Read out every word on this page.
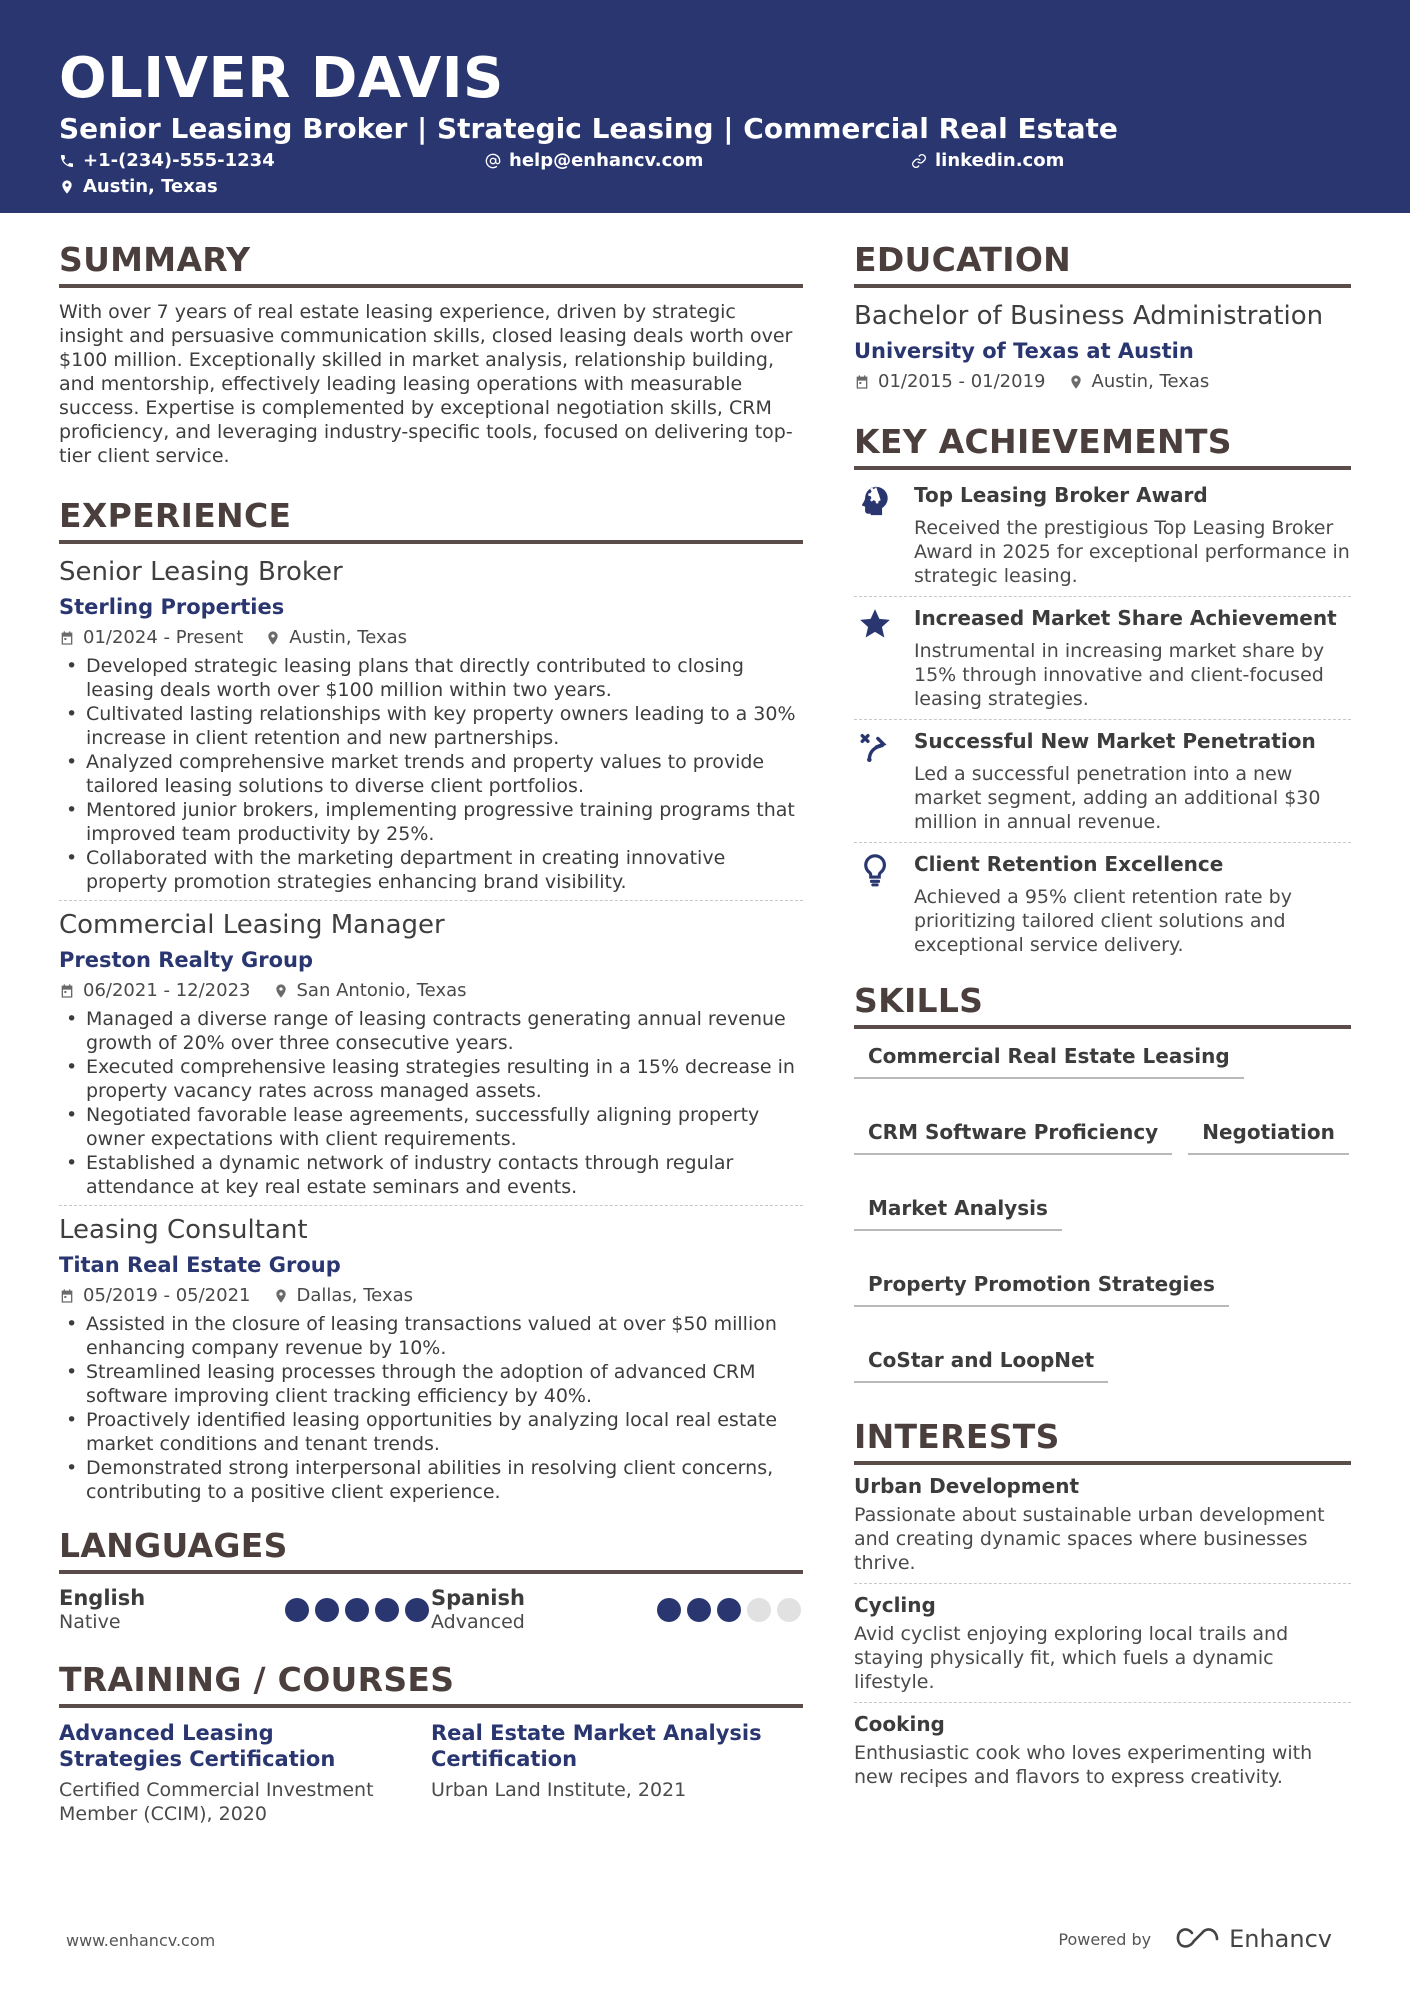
OLIVER DAVIS
Senior Leasing Broker | Strategic Leasing | Commercial Real Estate
+1-(234)-555-1234	help@enhancv.com	linkedin.com
Austin, Texas
SUMMARY
With over 7 years of real estate leasing experience, driven by strategic insight and persuasive communication skills, closed leasing deals worth over $100 million. Exceptionally skilled in market analysis, relationship building, and mentorship, effectively leading leasing operations with measurable success. Expertise is complemented by exceptional negotiation skills, CRM proficiency, and leveraging industry-specific tools, focused on delivering top-tier client service.
EXPERIENCE
Senior Leasing Broker
Sterling Properties
01/2024 - Present	Austin, Texas
• Developed strategic leasing plans that directly contributed to closing leasing deals worth over $100 million within two years.
• Cultivated lasting relationships with key property owners leading to a 30% increase in client retention and new partnerships.
• Analyzed comprehensive market trends and property values to provide tailored leasing solutions to diverse client portfolios.
• Mentored junior brokers, implementing progressive training programs that improved team productivity by 25%.
• Collaborated with the marketing department in creating innovative property promotion strategies enhancing brand visibility.
Commercial Leasing Manager
Preston Realty Group
06/2021 - 12/2023	San Antonio, Texas
• Managed a diverse range of leasing contracts generating annual revenue growth of 20% over three consecutive years.
• Executed comprehensive leasing strategies resulting in a 15% decrease in property vacancy rates across managed assets.
• Negotiated favorable lease agreements, successfully aligning property owner expectations with client requirements.
• Established a dynamic network of industry contacts through regular attendance at key real estate seminars and events.
Leasing Consultant
Titan Real Estate Group
05/2019 - 05/2021	Dallas, Texas
• Assisted in the closure of leasing transactions valued at over $50 million enhancing company revenue by 10%.
• Streamlined leasing processes through the adoption of advanced CRM software improving client tracking efficiency by 40%.
• Proactively identified leasing opportunities by analyzing local real estate market conditions and tenant trends.
• Demonstrated strong interpersonal abilities in resolving client concerns, contributing to a positive client experience.
LANGUAGES
English
Native
Spanish
Advanced
TRAINING / COURSES
Advanced Leasing Strategies Certification
Certified Commercial Investment Member (CCIM), 2020
Real Estate Market Analysis Certification
Urban Land Institute, 2021
EDUCATION
Bachelor of Business Administration
University of Texas at Austin
01/2015 - 01/2019	Austin, Texas
KEY ACHIEVEMENTS
Top Leasing Broker Award
Received the prestigious Top Leasing Broker Award in 2025 for exceptional performance in strategic leasing.
Increased Market Share Achievement
Instrumental in increasing market share by 15% through innovative and client-focused leasing strategies.
Successful New Market Penetration
Led a successful penetration into a new market segment, adding an additional $30 million in annual revenue.
Client Retention Excellence
Achieved a 95% client retention rate by prioritizing tailored client solutions and exceptional service delivery.
SKILLS
Commercial Real Estate Leasing
CRM Software Proficiency	Negotiation
Market Analysis
Property Promotion Strategies
CoStar and LoopNet
INTERESTS
Urban Development
Passionate about sustainable urban development and creating dynamic spaces where businesses thrive.
Cycling
Avid cyclist enjoying exploring local trails and staying physically fit, which fuels a dynamic lifestyle.
Cooking
Enthusiastic cook who loves experimenting with new recipes and flavors to express creativity.
www.enhancv.com	Powered by	Enhancv
